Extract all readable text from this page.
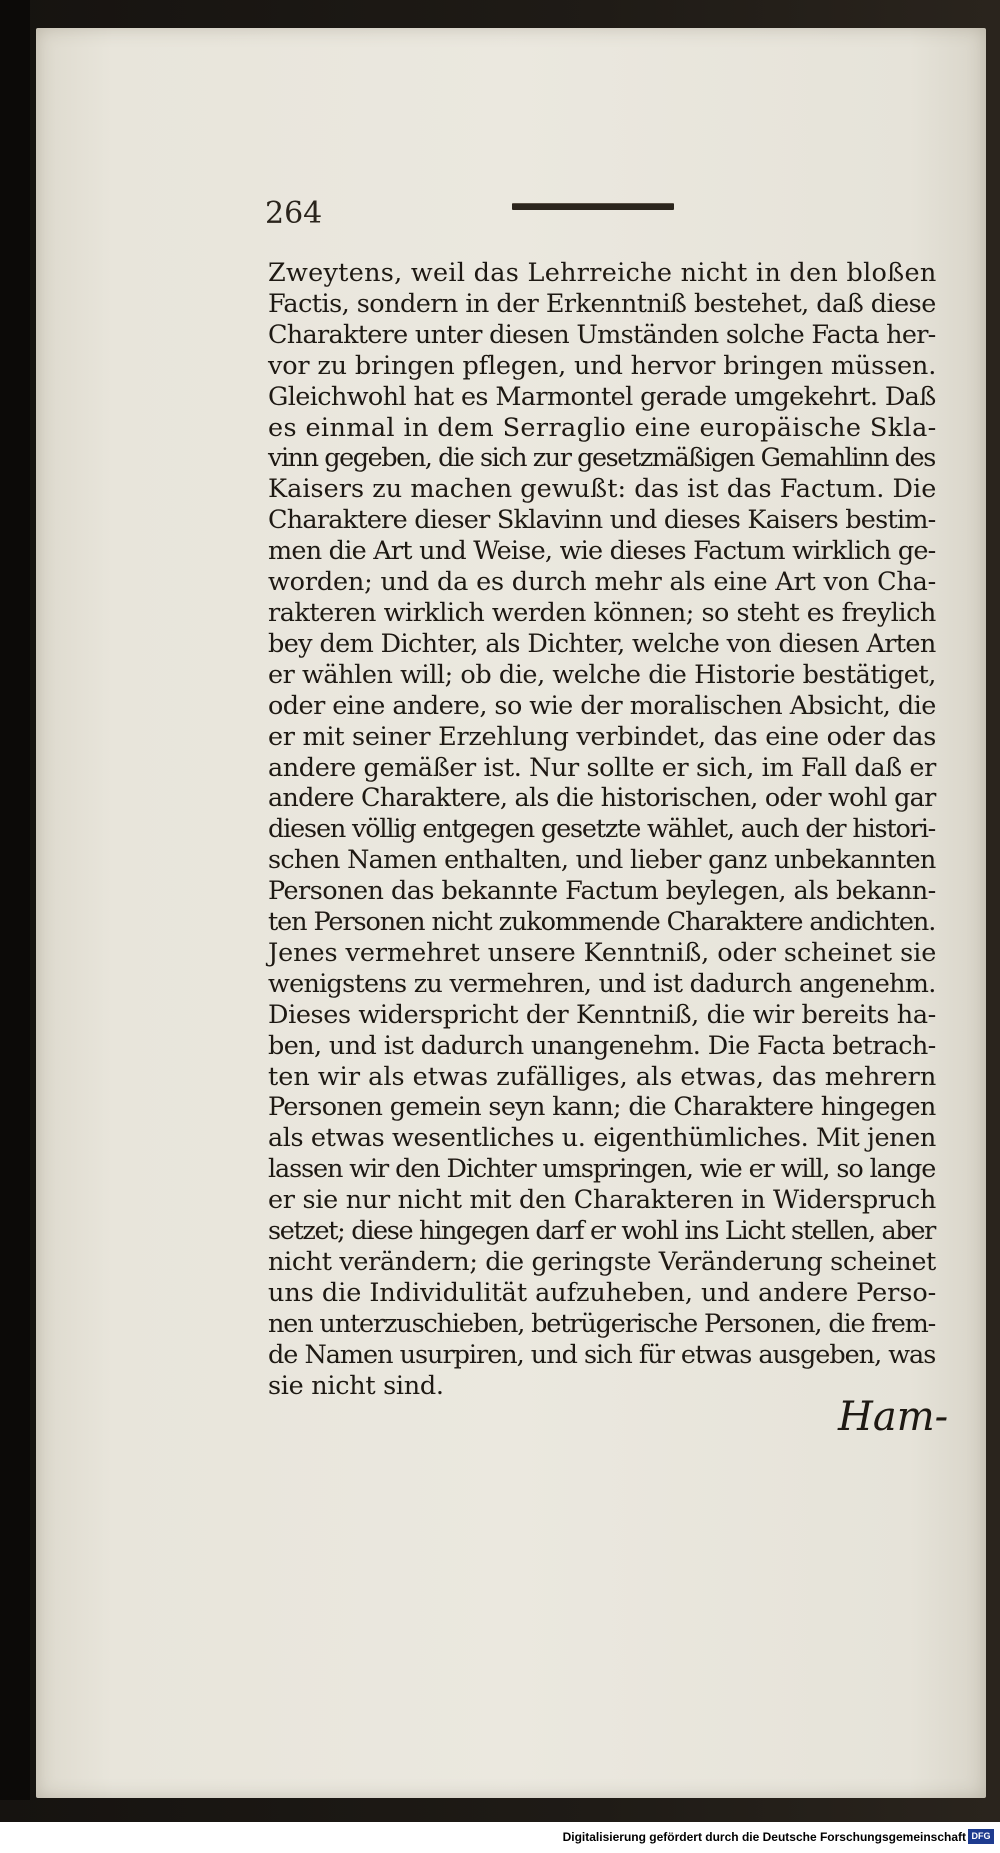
264
Zweytens, weil das Lehrreiche nicht in den bloßen
Factis, sondern in der Erkenntniß bestehet, daß diese
Charaktere unter diesen Umständen solche Facta her-
vor zu bringen pflegen, und hervor bringen müssen.
Gleichwohl hat es Marmontel gerade umgekehrt. Daß
es einmal in dem Serraglio eine europäische Skla-
vinn gegeben, die sich zur gesetzmäßigen Gemahlinn des
Kaisers zu machen gewußt: das ist das Factum. Die
Charaktere dieser Sklavinn und dieses Kaisers bestim-
men die Art und Weise, wie dieses Factum wirklich ge-
worden; und da es durch mehr als eine Art von Cha-
rakteren wirklich werden können; so steht es freylich
bey dem Dichter, als Dichter, welche von diesen Arten
er wählen will; ob die, welche die Historie bestätiget,
oder eine andere, so wie der moralischen Absicht, die
er mit seiner Erzehlung verbindet, das eine oder das
andere gemäßer ist. Nur sollte er sich, im Fall daß er
andere Charaktere, als die historischen, oder wohl gar
diesen völlig entgegen gesetzte wählet, auch der histori-
schen Namen enthalten, und lieber ganz unbekannten
Personen das bekannte Factum beylegen, als bekann-
ten Personen nicht zukommende Charaktere andichten.
Jenes vermehret unsere Kenntniß, oder scheinet sie
wenigstens zu vermehren, und ist dadurch angenehm.
Dieses widerspricht der Kenntniß, die wir bereits ha-
ben, und ist dadurch unangenehm. Die Facta betrach-
ten wir als etwas zufälliges, als etwas, das mehrern
Personen gemein seyn kann; die Charaktere hingegen
als etwas wesentliches u. eigenthümliches. Mit jenen
lassen wir den Dichter umspringen, wie er will, so lange
er sie nur nicht mit den Charakteren in Widerspruch
setzet; diese hingegen darf er wohl ins Licht stellen, aber
nicht verändern; die geringste Veränderung scheinet
uns die Individulität aufzuheben, und andere Perso-
nen unterzuschieben, betrügerische Personen, die frem-
de Namen usurpiren, und sich für etwas ausgeben, was
sie nicht sind.
Ham-
Digitalisierung gefördert durch die Deutsche Forschungsgemeinschaft DFG
